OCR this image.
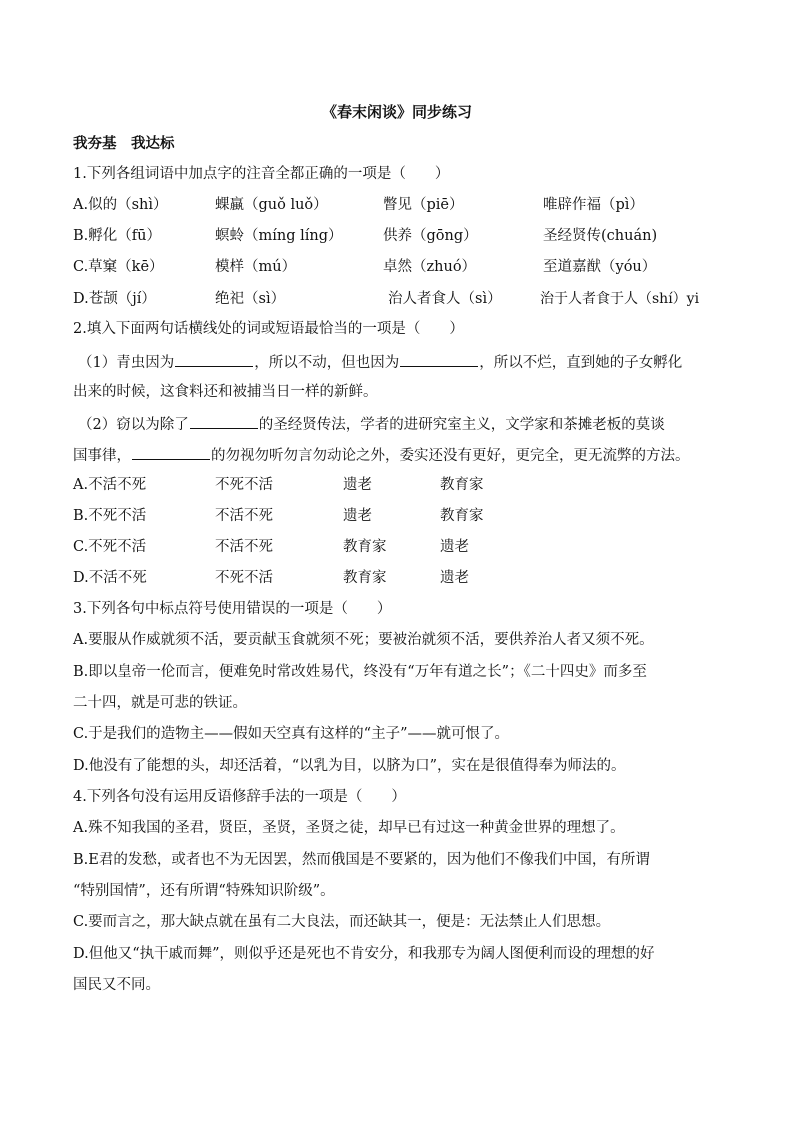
《春末闲谈》同步练习
我夯基　我达标
1.下列各组词语中加点字的注音全都正确的一项是（　　）
A.似的（shì）	蜾蠃（guǒ luǒ）	瞥见（piē）	唯辟作福（pì）
B.孵化（fū）	螟蛉（míng líng）	供养（gōng）	圣经贤传(chuán)
C.草窠（kē）	模样（mú）	卓然（zhuó）	至道嘉猷（yóu）
D.苍颉（jí）	绝祀（sì）	治人者食人（sì）	治于人者食于人（shí）yi
2.填入下面两句话横线处的词或短语最恰当的一项是（　　）
（1）青虫因为	，所以不动，但也因为	，所以不烂，直到她的子女孵化
出来的时候，这食料还和被捕当日一样的新鲜。
（2）窃以为除了	的圣经贤传法，学者的进研究室主义，文学家和茶摊老板的莫谈
国事律，	的勿视勿听勿言勿动论之外，委实还没有更好，更完全，更无流弊的方法。
A.不活不死	不死不活	遗老	教育家
B.不死不活	不活不死	遗老	教育家
C.不死不活	不活不死	教育家	遗老
D.不活不死	不死不活	教育家	遗老
3.下列各句中标点符号使用错误的一项是（　　）
A.要服从作威就须不活，要贡献玉食就须不死；要被治就须不活，要供养治人者又须不死。
B.即以皇帝一伦而言，便难免时常改姓易代，终没有“万年有道之长”；《二十四史》而多至
二十四，就是可悲的铁证。
C.于是我们的造物主——假如天空真有这样的“主子”——就可恨了。
D.他没有了能想的头，却还活着，“以乳为目，以脐为口”，实在是很值得奉为师法的。
4.下列各句没有运用反语修辞手法的一项是（　　）
A.殊不知我国的圣君，贤臣，圣贤，圣贤之徒，却早已有过这一种黄金世界的理想了。
B.E君的发愁，或者也不为无因罢，然而俄国是不要紧的，因为他们不像我们中国，有所谓
“特别国情”，还有所谓“特殊知识阶级”。
C.要而言之，那大缺点就在虽有二大良法，而还缺其一，便是：无法禁止人们思想。
D.但他又“执干戚而舞”，则似乎还是死也不肯安分，和我那专为阔人图便利而设的理想的好
国民又不同。
